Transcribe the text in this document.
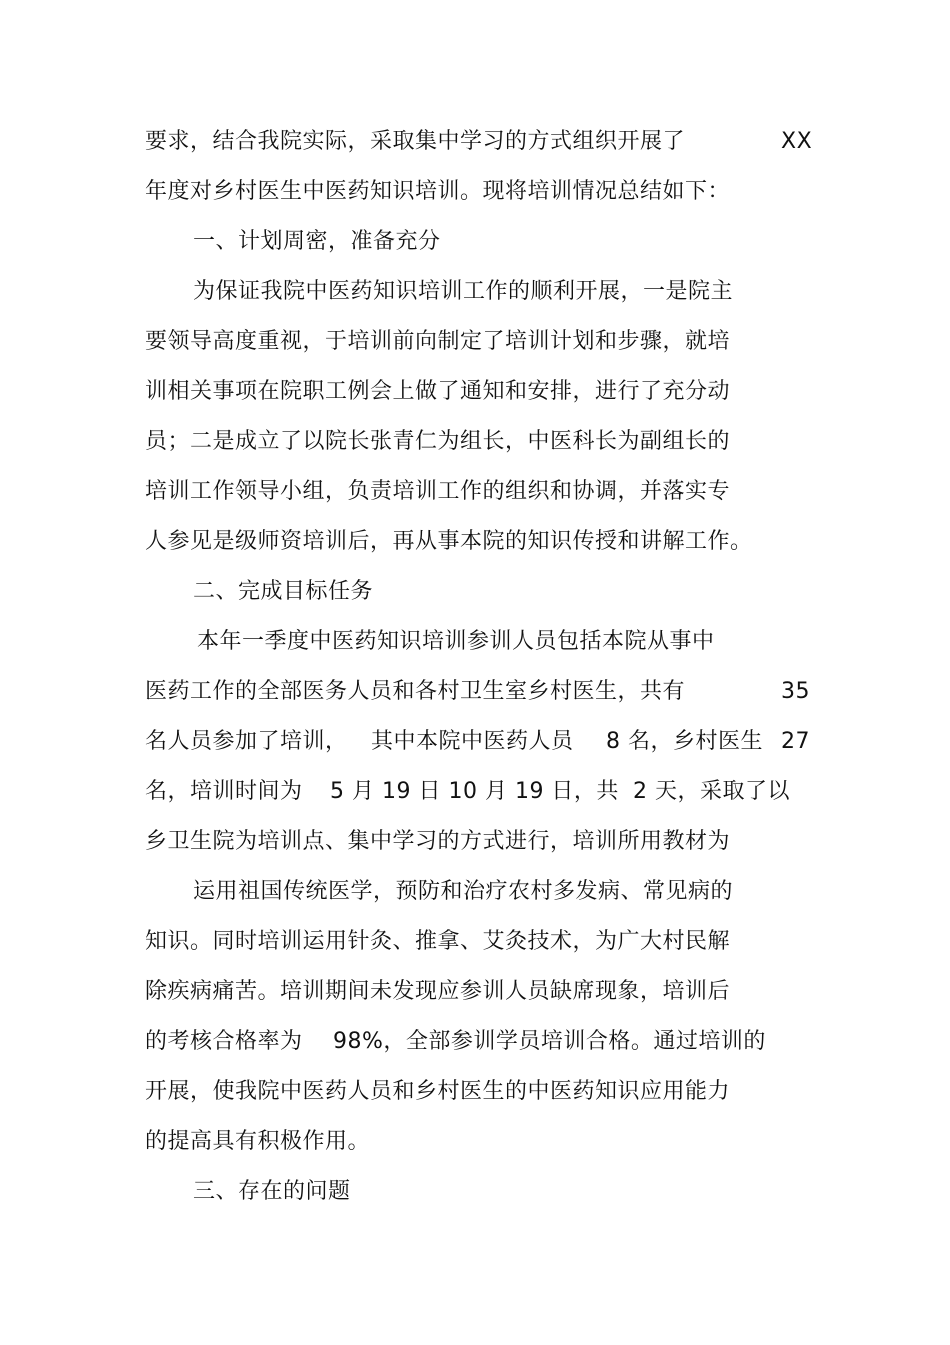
要求，结合我院实际，采取集中学习的方式组织开展了	XX
年度对乡村医生中医药知识培训。现将培训情况总结如下：
一、计划周密，准备充分
为保证我院中医药知识培训工作的顺利开展，一是院主
要领导高度重视，于培训前向制定了培训计划和步骤，就培
训相关事项在院职工例会上做了通知和安排，进行了充分动
员；二是成立了以院长张青仁为组长，中医科长为副组长的
培训工作领导小组，负责培训工作的组织和协调，并落实专
人参见是级师资培训后，再从事本院的知识传授和讲解工作。
二、完成目标任务
本年一季度中医药知识培训参训人员包括本院从事中
医药工作的全部医务人员和各村卫生室乡村医生，共有	35
名人员参加了培训， 其中本院中医药人员 8 名，乡村医生 27
名，培训时间为 5 月 19 日 10 月 19 日，共 2 天，采取了以
乡卫生院为培训点、集中学习的方式进行，培训所用教材为
运用祖国传统医学，预防和治疗农村多发病、常见病的
知识。同时培训运用针灸、推拿、艾灸技术，为广大村民解
除疾病痛苦。培训期间未发现应参训人员缺席现象，培训后
的考核合格率为 98%，全部参训学员培训合格。通过培训的
开展，使我院中医药人员和乡村医生的中医药知识应用能力
的提高具有积极作用。
三、存在的问题
